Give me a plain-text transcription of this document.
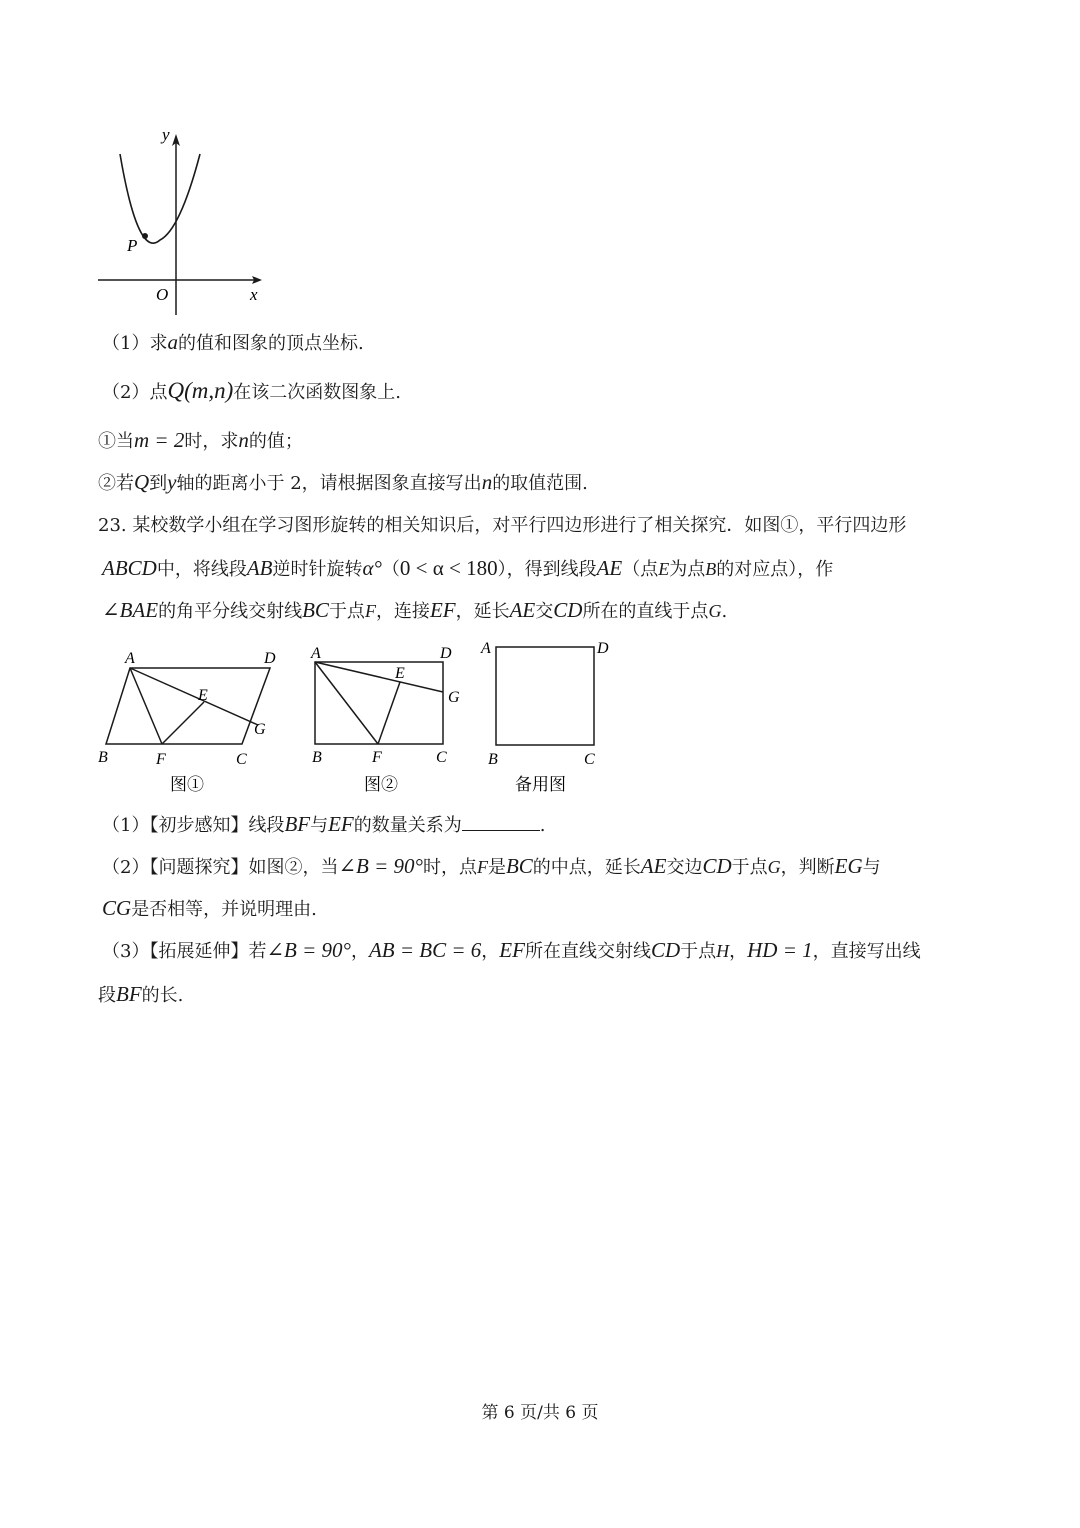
y
x
O
P
（1）求a的值和图象的顶点坐标.
（2）点Q(m,n)在该二次函数图象上.
①当m = 2时，求n的值；
②若Q到y轴的距离小于 2，请根据图象直接写出n的取值范围.
23. 某校数学小组在学习图形旋转的相关知识后，对平行四边形进行了相关探究．如图①，平行四边形
ABCD中，将线段AB逆时针旋转α°（0 < α < 180），得到线段AE（点E为点B的对应点），作
∠BAE的角平分线交射线BC于点F，连接EF，延长AE交CD所在的直线于点G.
A	D
E
G
B	F	C
图①
A	D
E
G
B	F	C
图②
A	D
B	C
备用图
（1）【初步感知】线段BF与EF的数量关系为	.
（2）【问题探究】如图②，当∠B = 90°时，点F是BC的中点，延长AE交边CD于点G，判断EG与
CG是否相等，并说明理由.
（3）【拓展延伸】若∠B = 90°，AB = BC = 6，EF所在直线交射线CD于点H，HD = 1，直接写出线
段BF的长.
第 6 页/共 6 页
